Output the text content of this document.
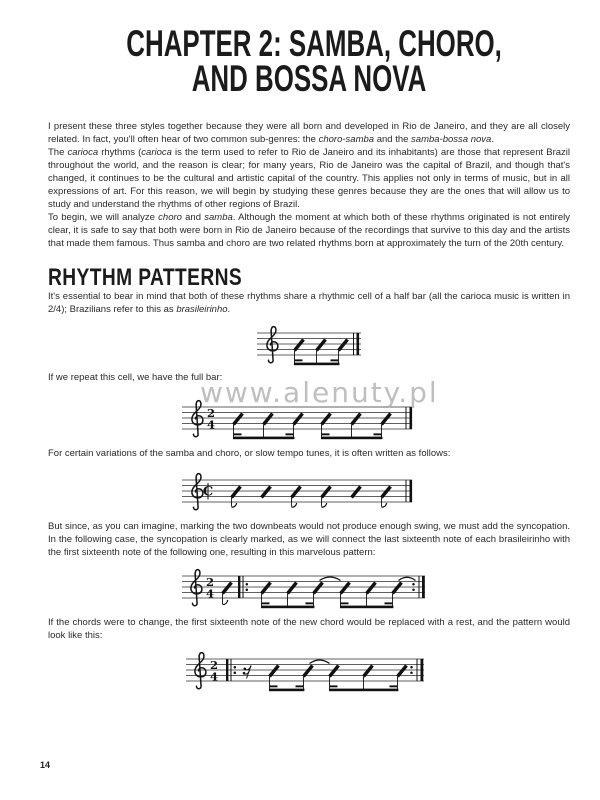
CHAPTER 2: SAMBA, CHORO,
AND BOSSA NOVA

I present these three styles together because they were all born and developed in Rio de Janeiro, and they are all closely related. In fact, you'll often hear of two common sub-genres: the choro-samba and the samba-bossa nova.

The carioca rhythms (carioca is the term used to refer to Rio de Janeiro and its inhabitants) are those that represent Brazil throughout the world, and the reason is clear; for many years, Rio de Janeiro was the capital of Brazil, and though that's changed, it continues to be the cultural and artistic capital of the country. This applies not only in terms of music, but in all expressions of art. For this reason, we will begin by studying these genres because they are the ones that will allow us to study and understand the rhythms of other regions of Brazil.

To begin, we will analyze choro and samba. Although the moment at which both of these rhythms originated is not entirely clear, it is safe to say that both were born in Rio de Janeiro because of the recordings that survive to this day and the artists that made them famous. Thus samba and choro are two related rhythms born at approximately the turn of the 20th century.

RHYTHM PATTERNS

It's essential to bear in mind that both of these rhythms share a rhythmic cell of a half bar (all the carioca music is written in 2/4); Brazilians refer to this as brasileirinho.

If we repeat this cell, we have the full bar:

2
4

For certain variations of the samba and choro, or slow tempo tunes, it is often written as follows:

C

But since, as you can imagine, marking the two downbeats would not produce enough swing, we must add the syncopation. In the following case, the syncopation is clearly marked, as we will connect the last sixteenth note of each brasileirinho with the first sixteenth note of the following one, resulting in this marvelous pattern:

2
4

If the chords were to change, the first sixteenth note of the new chord would be replaced with a rest, and the pattern would look like this:

2
4
www.alenuty.pl
14
